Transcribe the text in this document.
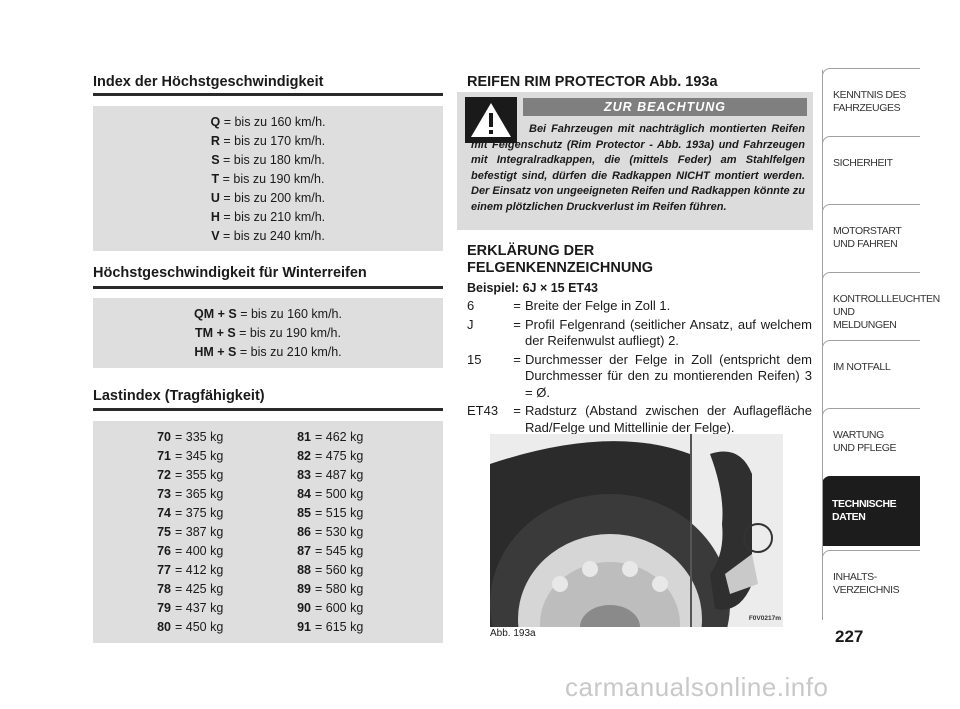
Index der Höchstgeschwindigkeit
Q = bis zu 160 km/h.
R = bis zu 170 km/h.
S = bis zu 180 km/h.
T = bis zu 190 km/h.
U = bis zu 200 km/h.
H = bis zu 210 km/h.
V = bis zu 240 km/h.
Höchstgeschwindigkeit für Winterreifen
QM + S = bis zu 160 km/h.
TM + S = bis zu 190 km/h.
HM + S = bis zu 210 km/h.
Lastindex (Tragfähigkeit)
70 = 335 kg
71 = 345 kg
72 = 355 kg
73 = 365 kg
74 = 375 kg
75 = 387 kg
76 = 400 kg
77 = 412 kg
78 = 425 kg
79 = 437 kg
80 = 450 kg
81 = 462 kg
82 = 475 kg
83 = 487 kg
84 = 500 kg
85 = 515 kg
86 = 530 kg
87 = 545 kg
88 = 560 kg
89 = 580 kg
90 = 600 kg
91 = 615 kg
REIFEN RIM PROTECTOR Abb. 193a
ZUR BEACHTUNG
Bei Fahrzeugen mit nachträglich montierten Reifen mit Felgenschutz (Rim Protector - Abb. 193a) und Fahrzeugen mit Integralradkappen, die (mittels Feder) am Stahlfelgen befestigt sind, dürfen die Radkappen NICHT montiert werden. Der Einsatz von ungeeigneten Reifen und Radkappen könnte zu einem plötzlichen Druckverlust im Reifen führen.
ERKLÄRUNG DER
FELGENKENNZEICHNUNG
Beispiel: 6J × 15 ET43
6	= Breite der Felge in Zoll 1.
J	= Profil Felgenrand (seitlicher Ansatz, auf welchem der Reifenwulst aufliegt) 2.
15	= Durchmesser der Felge in Zoll (entspricht dem Durchmesser für den zu montierenden Reifen) 3 = Ø.
ET43	= Radsturz (Abstand zwischen der Auflagefläche Rad/Felge und Mittellinie der Felge).
Abb. 193a
F0V0217m
KENNTNIS DES
FAHRZEUGES
SICHERHEIT
MOTORSTART
UND FAHREN
KONTROLLLEUCHTEN
UND MELDUNGEN
IM NOTFALL
WARTUNG
UND PFLEGE
TECHNISCHE
DATEN
INHALTS-
VERZEICHNIS
227
carmanualsonline.info
